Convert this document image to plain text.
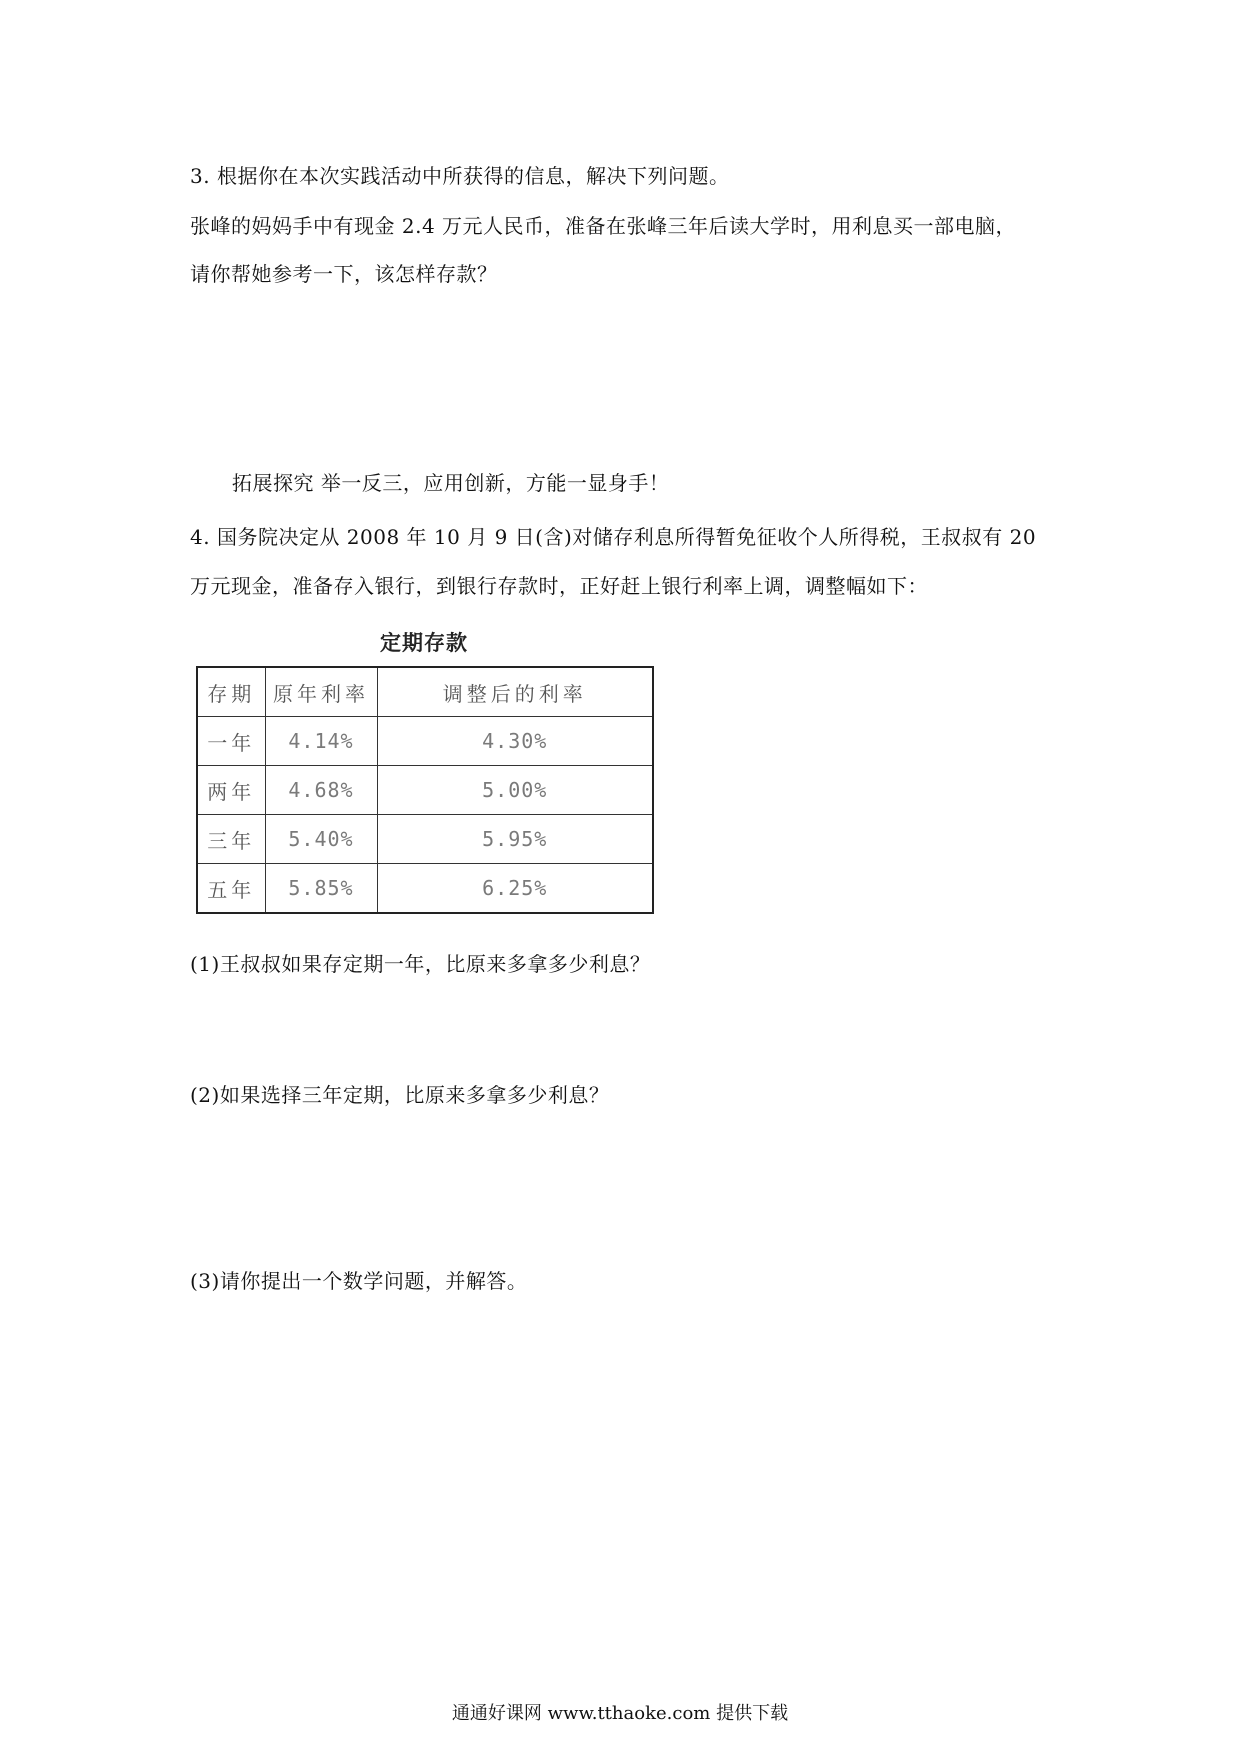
3. 根据你在本次实践活动中所获得的信息，解决下列问题。
张峰的妈妈手中有现金 2.4 万元人民币，准备在张峰三年后读大学时，用利息买一部电脑，
请你帮她参考一下，该怎样存款？
拓展探究 举一反三，应用创新，方能一显身手！
4. 国务院决定从 2008 年 10 月 9 日(含)对储存利息所得暂免征收个人所得税，王叔叔有 20
万元现金，准备存入银行，到银行存款时，正好赶上银行利率上调，调整幅如下：
定期存款
存期	原年利率	调整后的利率
一年	4.14%	4.30%
两年	4.68%	5.00%
三年	5.40%	5.95%
五年	5.85%	6.25%
(1)王叔叔如果存定期一年，比原来多拿多少利息？
(2)如果选择三年定期，比原来多拿多少利息？
(3)请你提出一个数学问题，并解答。
通通好课网 www.tthaoke.com 提供下载
